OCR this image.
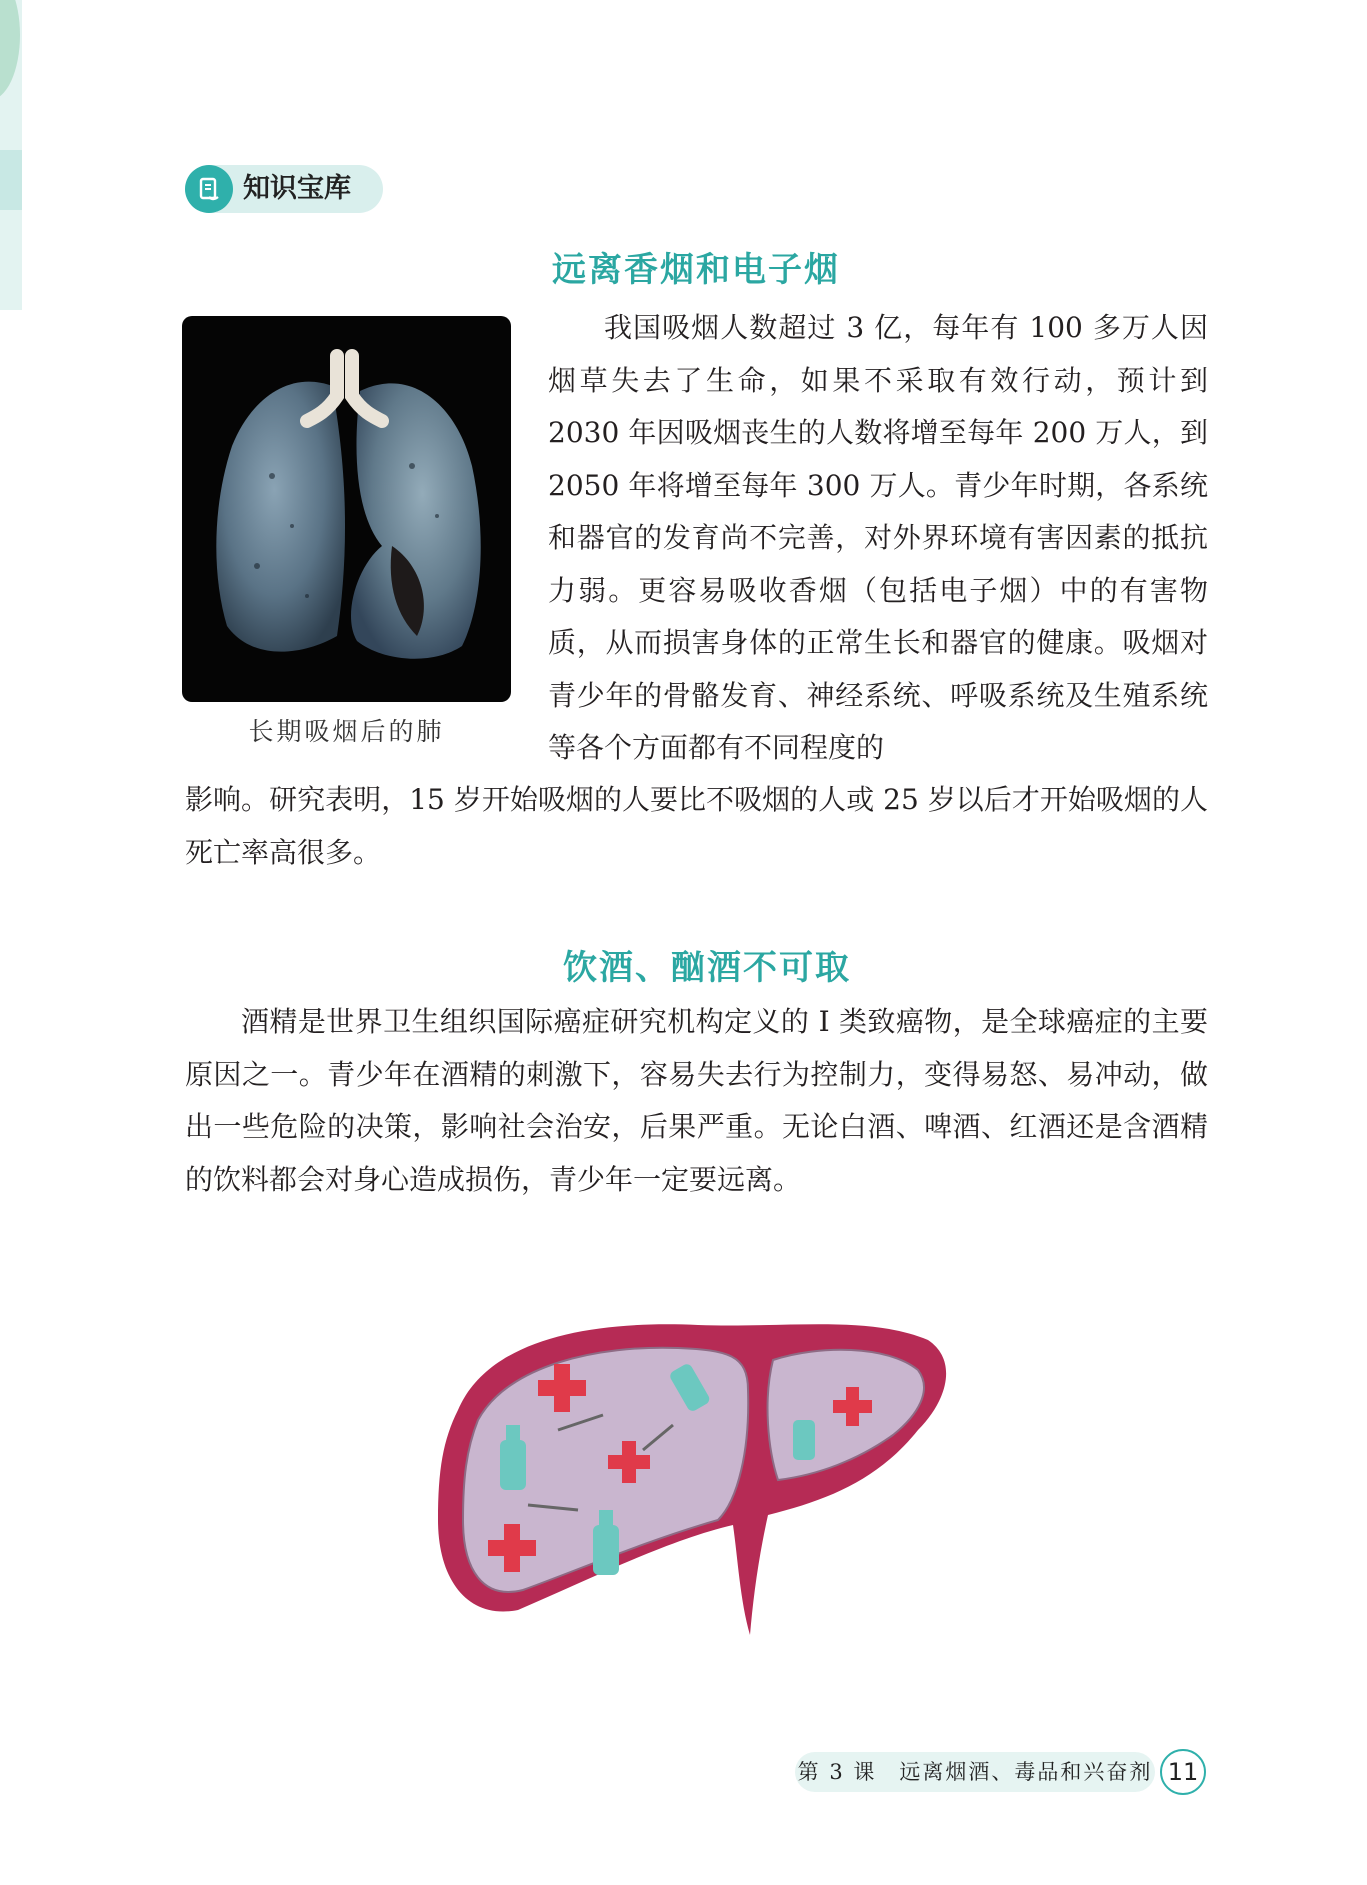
知识宝库
远离香烟和电子烟
长期吸烟后的肺

我国吸烟人数超过 3 亿，每年有 100 多万人因烟草失去了生命，如果不采取有效行动，预计到 2030 年因吸烟丧生的人数将增至每年 200 万人，到 2050 年将增至每年 300 万人。青少年时期，各系统和器官的发育尚不完善，对外界环境有害因素的抵抗力弱。更容易吸收香烟（包括电子烟）中的有害物质，从而损害身体的正常生长和器官的健康。吸烟对青少年的骨骼发育、神经系统、呼吸系统及生殖系统等各个方面都有不同程度的

影响。研究表明，15 岁开始吸烟的人要比不吸烟的人或 25 岁以后才开始吸烟的人死亡率高很多。

饮酒、酗酒不可取

酒精是世界卫生组织国际癌症研究机构定义的 I 类致癌物，是全球癌症的主要原因之一。青少年在酒精的刺激下，容易失去行为控制力，变得易怒、易冲动，做出一些危险的决策，影响社会治安，后果严重。无论白酒、啤酒、红酒还是含酒精的饮料都会对身心造成损伤，青少年一定要远离。

第 3 课　远离烟酒、毒品和兴奋剂 11
